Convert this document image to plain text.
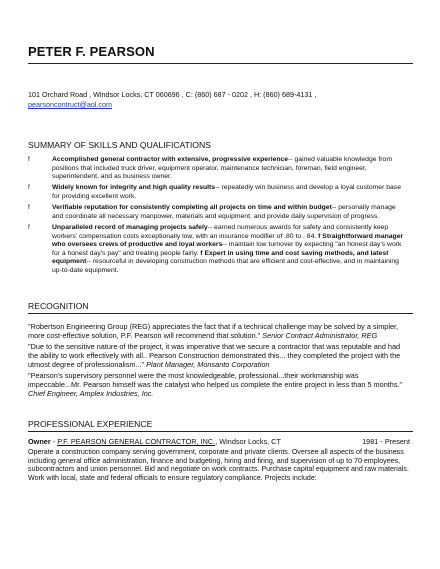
PETER F. PEARSON
101 Orchard Road , Windsor Locks, CT 060696 , C: (860) 687 - 0202 , H: (860) 689-4131 ,
pearsoncontruct@aol.com
SUMMARY OF SKILLS AND QUALIFICATIONS
f	Accomplished general contractor with extensive, progressive experience-- gained valuable knowledge from positions that included truck driver, equipment operator, maintenance technician, foreman, field engineer, superintendent, and as business owner.
f	Widely known for integrity and high quality results-- repeatedly win business and develop a loyal customer base for providing excellent work.
f	Verifiable reputation for consistently completing all projects on time and within budget-- personally manage and coordinate all necessary manpower, materials and equipment, and provide daily supervision of progress.
f	Unparalleled record of managing projects safely-- earned numerous awards for safety and consistently keep workers' compensation costs exceptionally low, with an insurance modifier of .80 to . 84. f Straightforward manager who oversees crews of productive and loyal workers-- maintain low turnover by expecting "an honest day's work for a honest day's pay" and treating people fairly. f Expert in using time and cost saving methods, and latest equipment-- resourceful in developing construction methods that are efficient and cost-effective, and in maintaining up-to-date equipment.
RECOGNITION
"Robertson Engineering Group (REG) appreciates the fact that if a technical challenge may be solved by a simpler, more cost-effective solution, P.F. Pearson will recommend that solution." Senior Contract Administrator, REG
"Due to the sensitive nature of the project, it was imperative that we secure a contractor that was reputable and had the ability to work effectively with all.. Pearson Construction demonstrated this... they completed the project with the utmost degree of professionalism..." Plant Manager, Monsanto Corporation
"Pearson's supervisory personnel were the most knowledgeable, professional...their workmanship was impeccable...Mr. Pearson himself was the catalyst who helped us complete the entire project in less than 5 months." Chief Engineer, Amplex Industries, Inc.
PROFESSIONAL EXPERIENCE
Owner - P.F. PEARSON GENERAL CONTRACTOR, INC., Windsor Locks, CT	1981 - Present
Operate a construction company serving government, corporate and private clients. Oversee all aspects of the business including general office administration, finance and budgeting, hiring and firing, and supervision of up to 70 employees, subcontractors and union personnel. Bid and negotiate on work contracts. Purchase capital equipment and raw materials. Work with local, state and federal officials to ensure regulatory compliance. Projects include:
